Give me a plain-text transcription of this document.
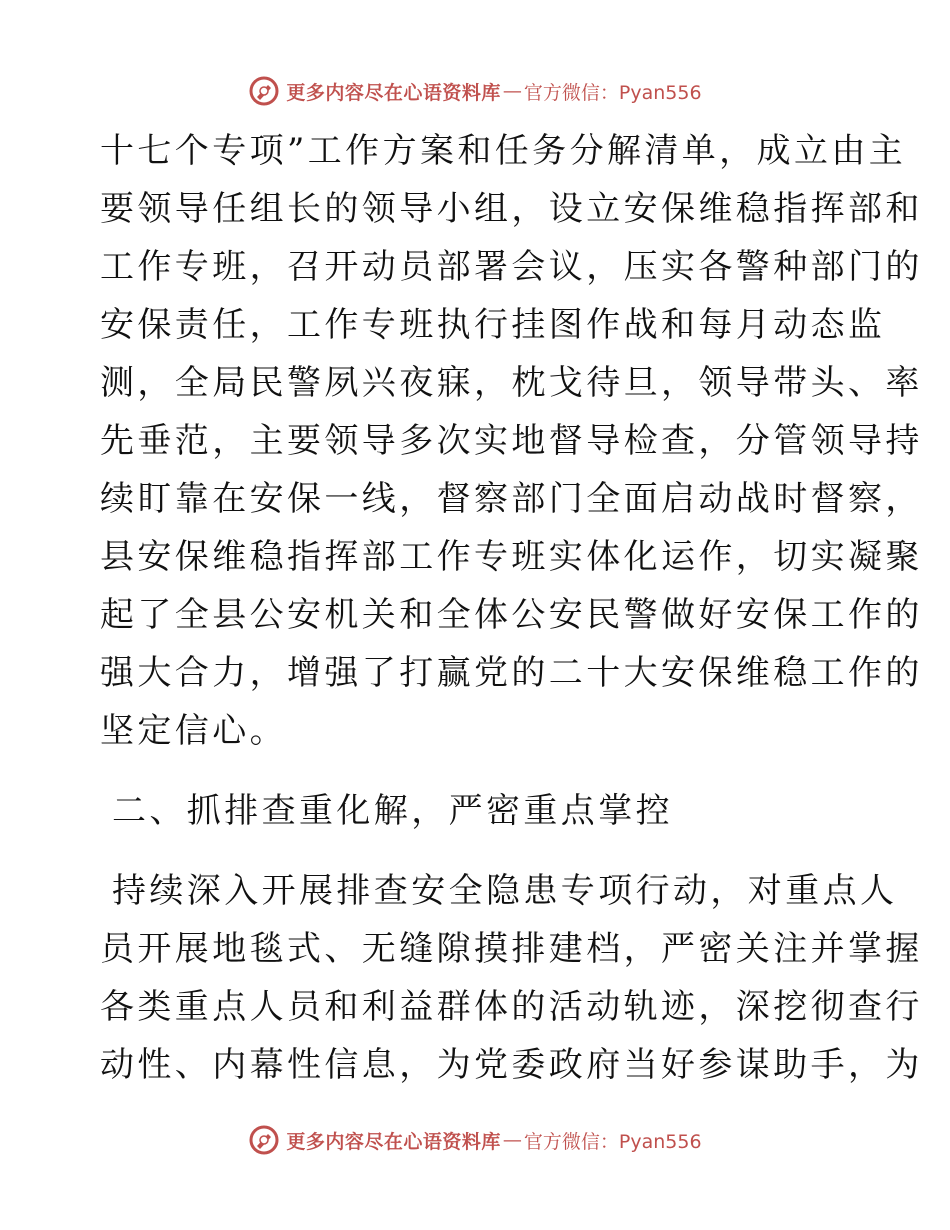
更多内容尽在心语资料库 — 官方微信：Pyan556
十七个专项”工作方案和任务分解清单，成立由主
要领导任组长的领导小组，设立安保维稳指挥部和
工作专班，召开动员部署会议，压实各警种部门的
安保责任，工作专班执行挂图作战和每月动态监
测，全局民警夙兴夜寐，枕戈待旦，领导带头、率
先垂范，主要领导多次实地督导检查，分管领导持
续盯靠在安保一线，督察部门全面启动战时督察，
县安保维稳指挥部工作专班实体化运作，切实凝聚
起了全县公安机关和全体公安民警做好安保工作的
强大合力，增强了打赢党的二十大安保维稳工作的
坚定信心。
二、抓排查重化解，严密重点掌控
持续深入开展排查安全隐患专项行动，对重点人
员开展地毯式、无缝隙摸排建档，严密关注并掌握
各类重点人员和利益群体的活动轨迹，深挖彻查行
动性、内幕性信息，为党委政府当好参谋助手，为
更多内容尽在心语资料库 — 官方微信：Pyan556
